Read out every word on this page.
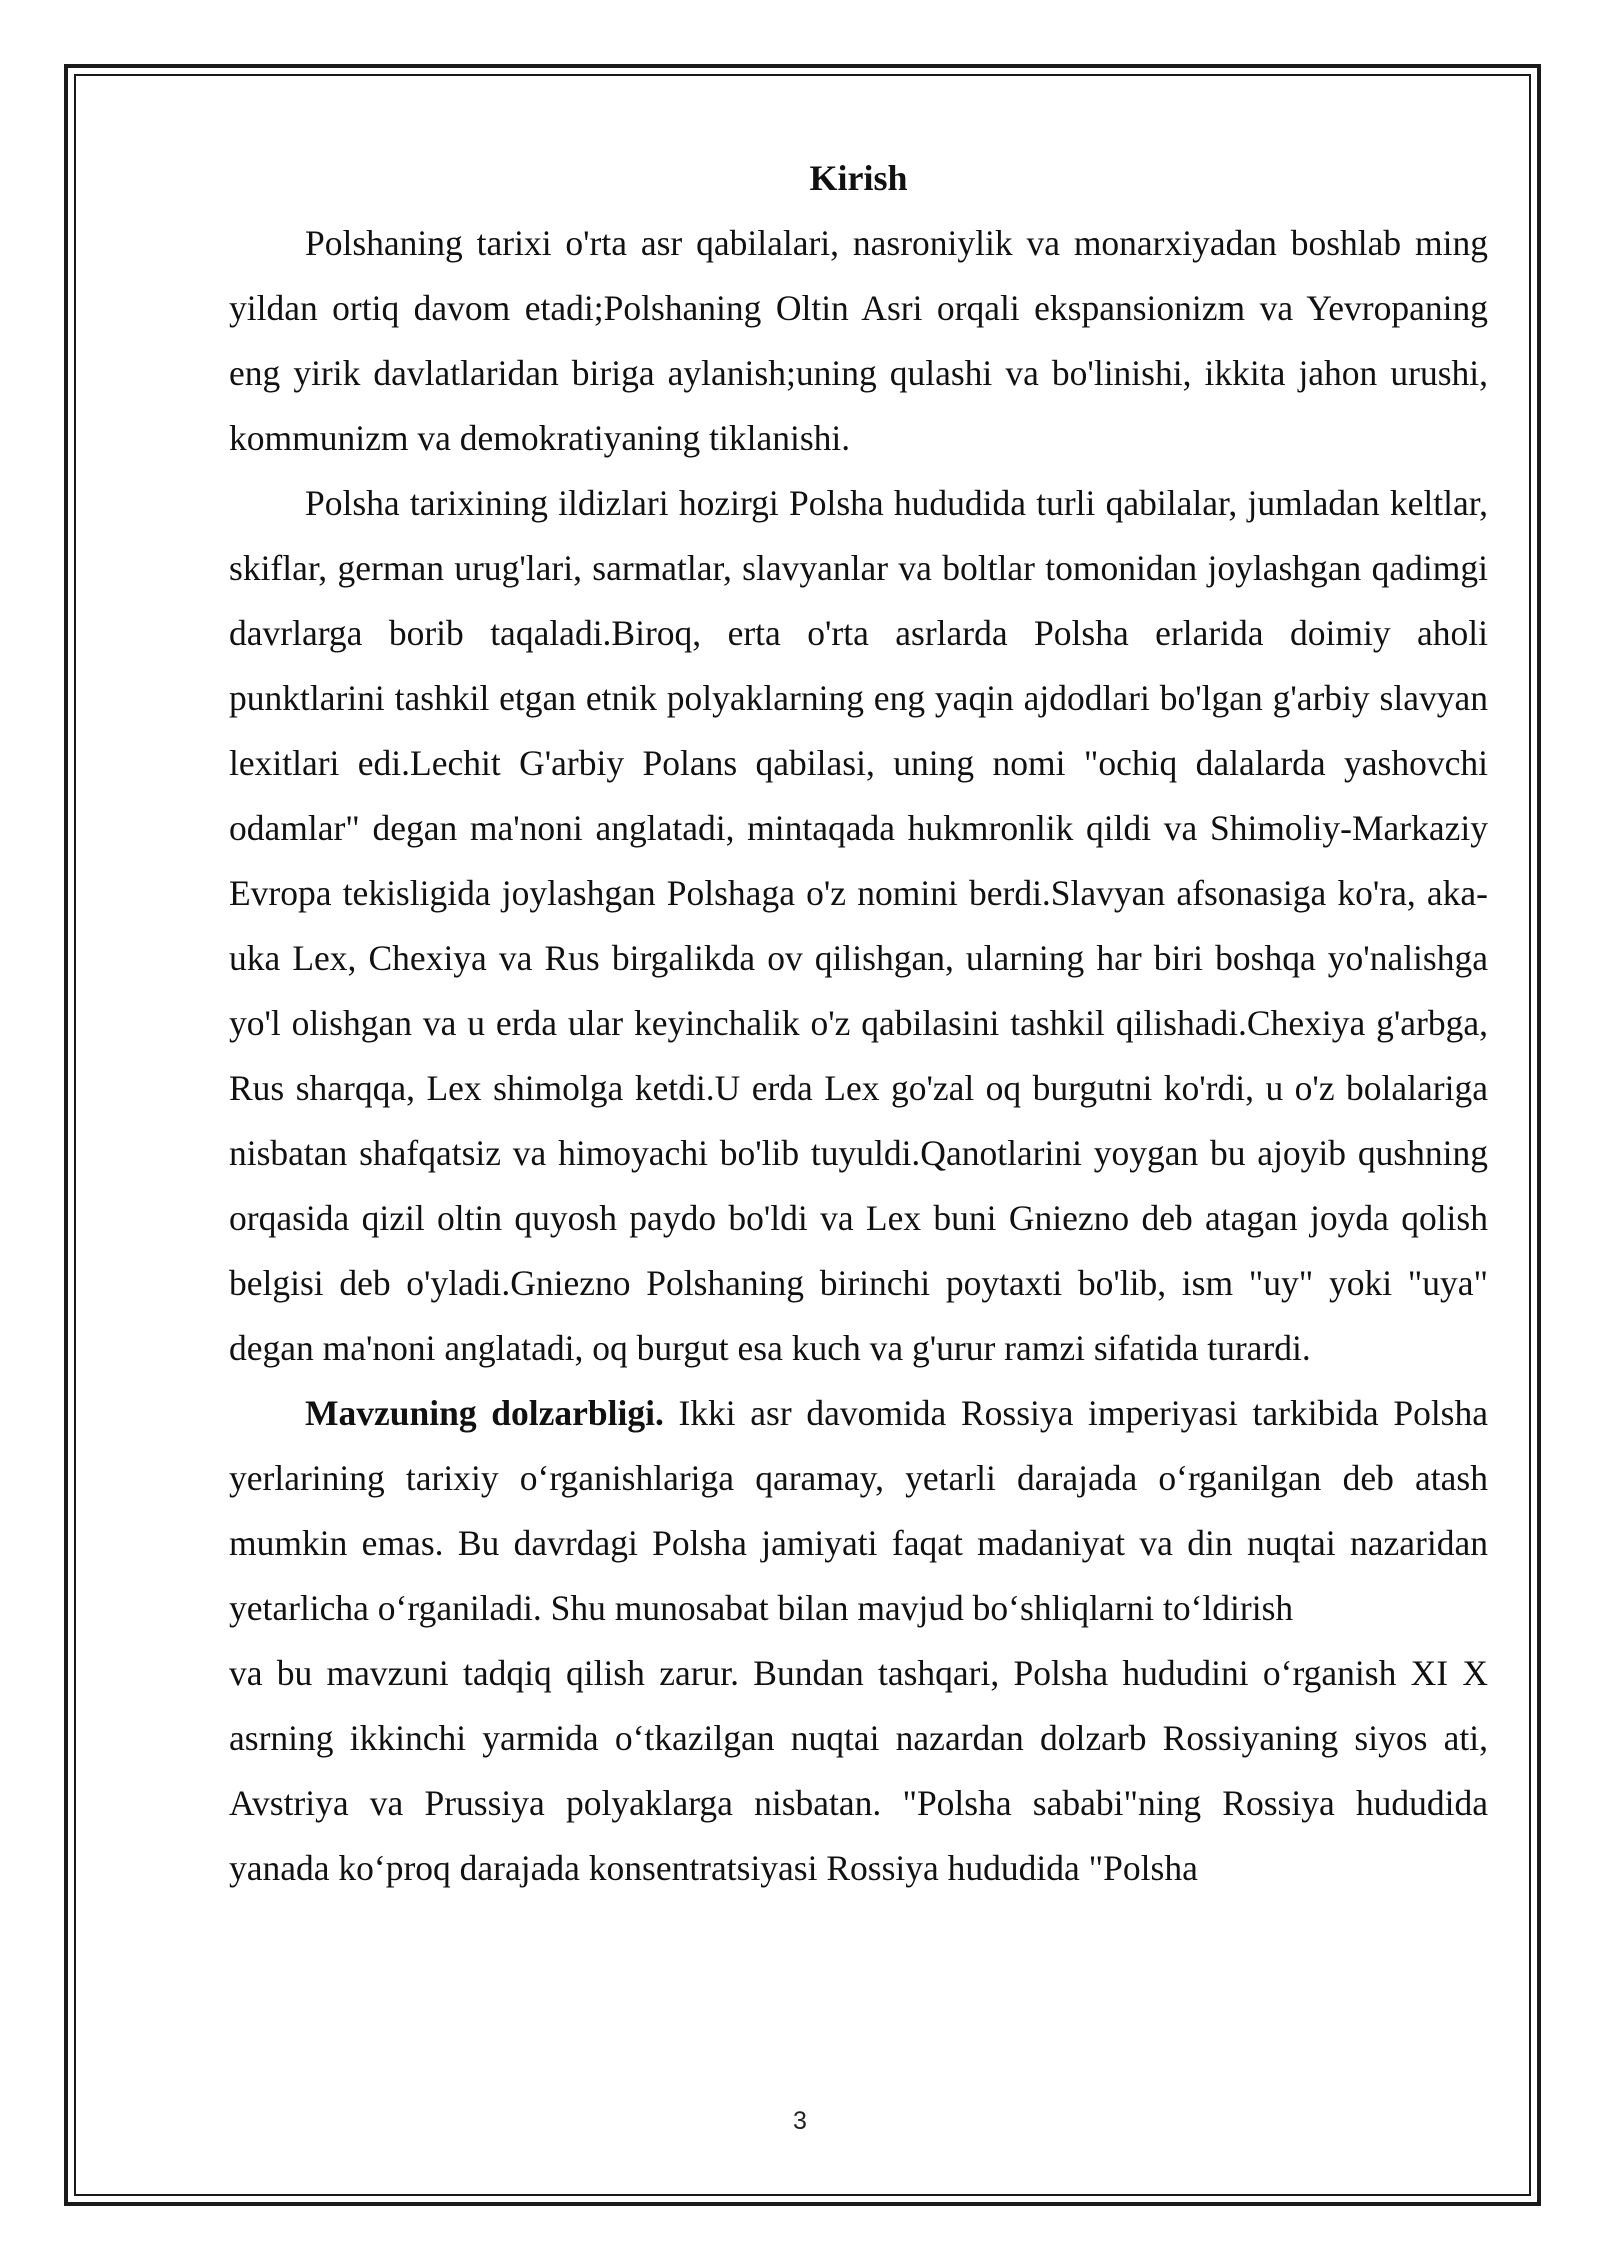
Kirish

Polshaning tarixi o'rta asr qabilalari, nasroniylik va monarxiyadan boshlab ming yildan ortiq davom etadi;Polshaning Oltin Asri orqali ekspansionizm va Yevropaning eng yirik davlatlaridan biriga aylanish;uning qulashi va bo'linishi, ikkita jahon urushi, kommunizm va demokratiyaning tiklanishi.

Polsha tarixining ildizlari hozirgi Polsha hududida turli qabilalar, jumladan keltlar, skiflar, german urug'lari, sarmatlar, slavyanlar va boltlar tomonidan joylashgan qadimgi davrlarga borib taqaladi.Biroq, erta o'rta asrlarda Polsha erlarida doimiy aholi punktlarini tashkil etgan etnik polyaklarning eng yaqin ajdodlari bo'lgan g'arbiy slavyan lexitlari edi.Lechit G'arbiy Polans qabilasi, uning nomi "ochiq dalalarda yashovchi odamlar" degan ma'noni anglatadi, mintaqada hukmronlik qildi va Shimoliy-Markaziy Evropa tekisligida joylashgan Polshaga o'z nomini berdi.Slavyan afsonasiga ko'ra, aka-uka Lex, Chexiya va Rus birgalikda ov qilishgan, ularning har biri boshqa yo'nalishga yo'l olishgan va u erda ular keyinchalik o'z qabilasini tashkil qilishadi.Chexiya g'arbga, Rus sharqqa, Lex shimolga ketdi.U erda Lex go'zal oq burgutni ko'rdi, u o'z bolalariga nisbatan shafqatsiz va himoyachi bo'lib tuyuldi.Qanotlarini yoygan bu ajoyib qushning orqasida qizil oltin quyosh paydo bo'ldi va Lex buni Gniezno deb atagan joyda qolish belgisi deb o'yladi.Gniezno Polshaning birinchi poytaxti bo'lib, ism "uy" yoki "uya" degan ma'noni anglatadi, oq burgut esa kuch va g'urur ramzi sifatida turardi.

Mavzuning dolzarbligi. Ikki asr davomida Rossiya imperiyasi tarkibida Polsha yerlarining tarixiy o‘rganishlariga qaramay, yetarli darajada o‘rganilgan deb atash mumkin emas. Bu davrdagi Polsha jamiyati faqat madaniyat va din nuqtai nazaridan yetarlicha o‘rganiladi. Shu munosabat bilan mavjud bo‘shliqlarni to‘ldirish

va bu mavzuni tadqiq qilish zarur. Bundan tashqari, Polsha hududini o‘rganish XI X asrning ikkinchi yarmida o‘tkazilgan nuqtai nazardan dolzarb Rossiyaning siyos ati, Avstriya va Prussiya polyaklarga nisbatan. "Polsha sababi"ning Rossiya hududida yanada ko‘proq darajada konsentratsiyasi Rossiya hududida "Polsha

3
